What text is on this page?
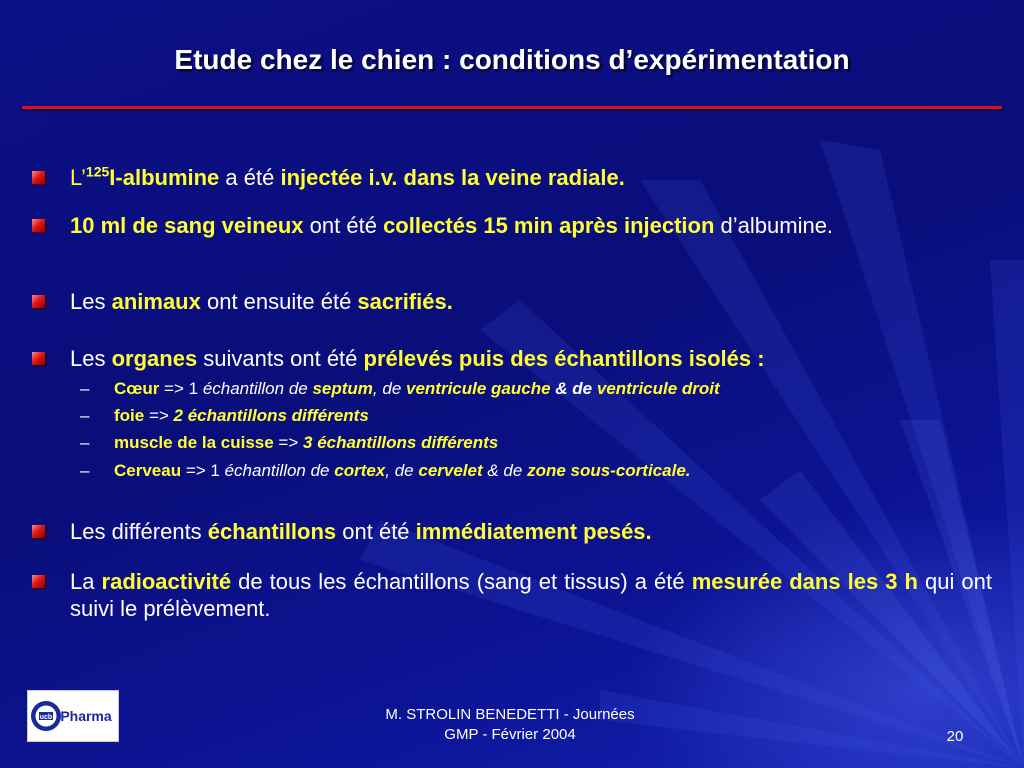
Etude chez le chien : conditions d’expérimentation
L’$^{125}$I-albumine a été injectée i.v. dans la veine radiale.
10 ml de sang veineux ont été collectés 15 min après injection d’albumine.
Les animaux ont ensuite été sacrifiés.
Les organes suivants ont été prélevés puis des échantillons isolés :
– Cœur => 1 échantillon de septum, de ventricule gauche & de ventricule droit
– foie => 2 échantillons différents
– muscle de la cuisse => 3 échantillons différents
– Cerveau => 1 échantillon de cortex, de cervelet & de zone sous-corticale.
Les différents échantillons ont été immédiatement pesés.
La radioactivité de tous les échantillons (sang et tissus) a été mesurée dans les 3 h qui ont suivi le prélèvement.
ucb Pharma	M. STROLIN BENEDETTI - Journées
GMP - Février 2004	20
